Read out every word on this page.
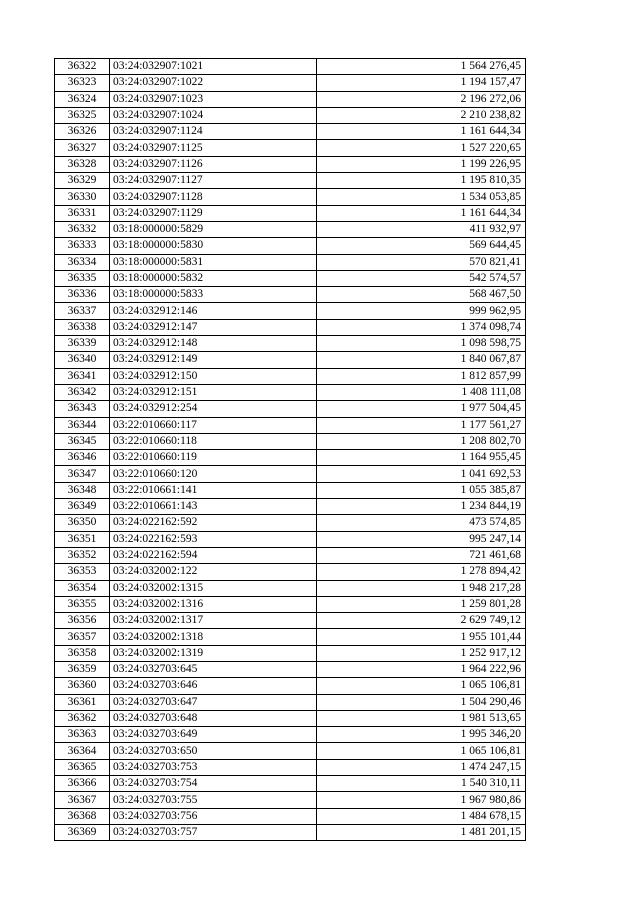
36322	03:24:032907:1021	1 564 276,45
36323	03:24:032907:1022	1 194 157,47
36324	03:24:032907:1023	2 196 272,06
36325	03:24:032907:1024	2 210 238,82
36326	03:24:032907:1124	1 161 644,34
36327	03:24:032907:1125	1 527 220,65
36328	03:24:032907:1126	1 199 226,95
36329	03:24:032907:1127	1 195 810,35
36330	03:24:032907:1128	1 534 053,85
36331	03:24:032907:1129	1 161 644,34
36332	03:18:000000:5829	411 932,97
36333	03:18:000000:5830	569 644,45
36334	03:18:000000:5831	570 821,41
36335	03:18:000000:5832	542 574,57
36336	03:18:000000:5833	568 467,50
36337	03:24:032912:146	999 962,95
36338	03:24:032912:147	1 374 098,74
36339	03:24:032912:148	1 098 598,75
36340	03:24:032912:149	1 840 067,87
36341	03:24:032912:150	1 812 857,99
36342	03:24:032912:151	1 408 111,08
36343	03:24:032912:254	1 977 504,45
36344	03:22:010660:117	1 177 561,27
36345	03:22:010660:118	1 208 802,70
36346	03:22:010660:119	1 164 955,45
36347	03:22:010660:120	1 041 692,53
36348	03:22:010661:141	1 055 385,87
36349	03:22:010661:143	1 234 844,19
36350	03:24:022162:592	473 574,85
36351	03:24:022162:593	995 247,14
36352	03:24:022162:594	721 461,68
36353	03:24:032002:122	1 278 894,42
36354	03:24:032002:1315	1 948 217,28
36355	03:24:032002:1316	1 259 801,28
36356	03:24:032002:1317	2 629 749,12
36357	03:24:032002:1318	1 955 101,44
36358	03:24:032002:1319	1 252 917,12
36359	03:24:032703:645	1 964 222,96
36360	03:24:032703:646	1 065 106,81
36361	03:24:032703:647	1 504 290,46
36362	03:24:032703:648	1 981 513,65
36363	03:24:032703:649	1 995 346,20
36364	03:24:032703:650	1 065 106,81
36365	03:24:032703:753	1 474 247,15
36366	03:24:032703:754	1 540 310,11
36367	03:24:032703:755	1 967 980,86
36368	03:24:032703:756	1 484 678,15
36369	03:24:032703:757	1 481 201,15
